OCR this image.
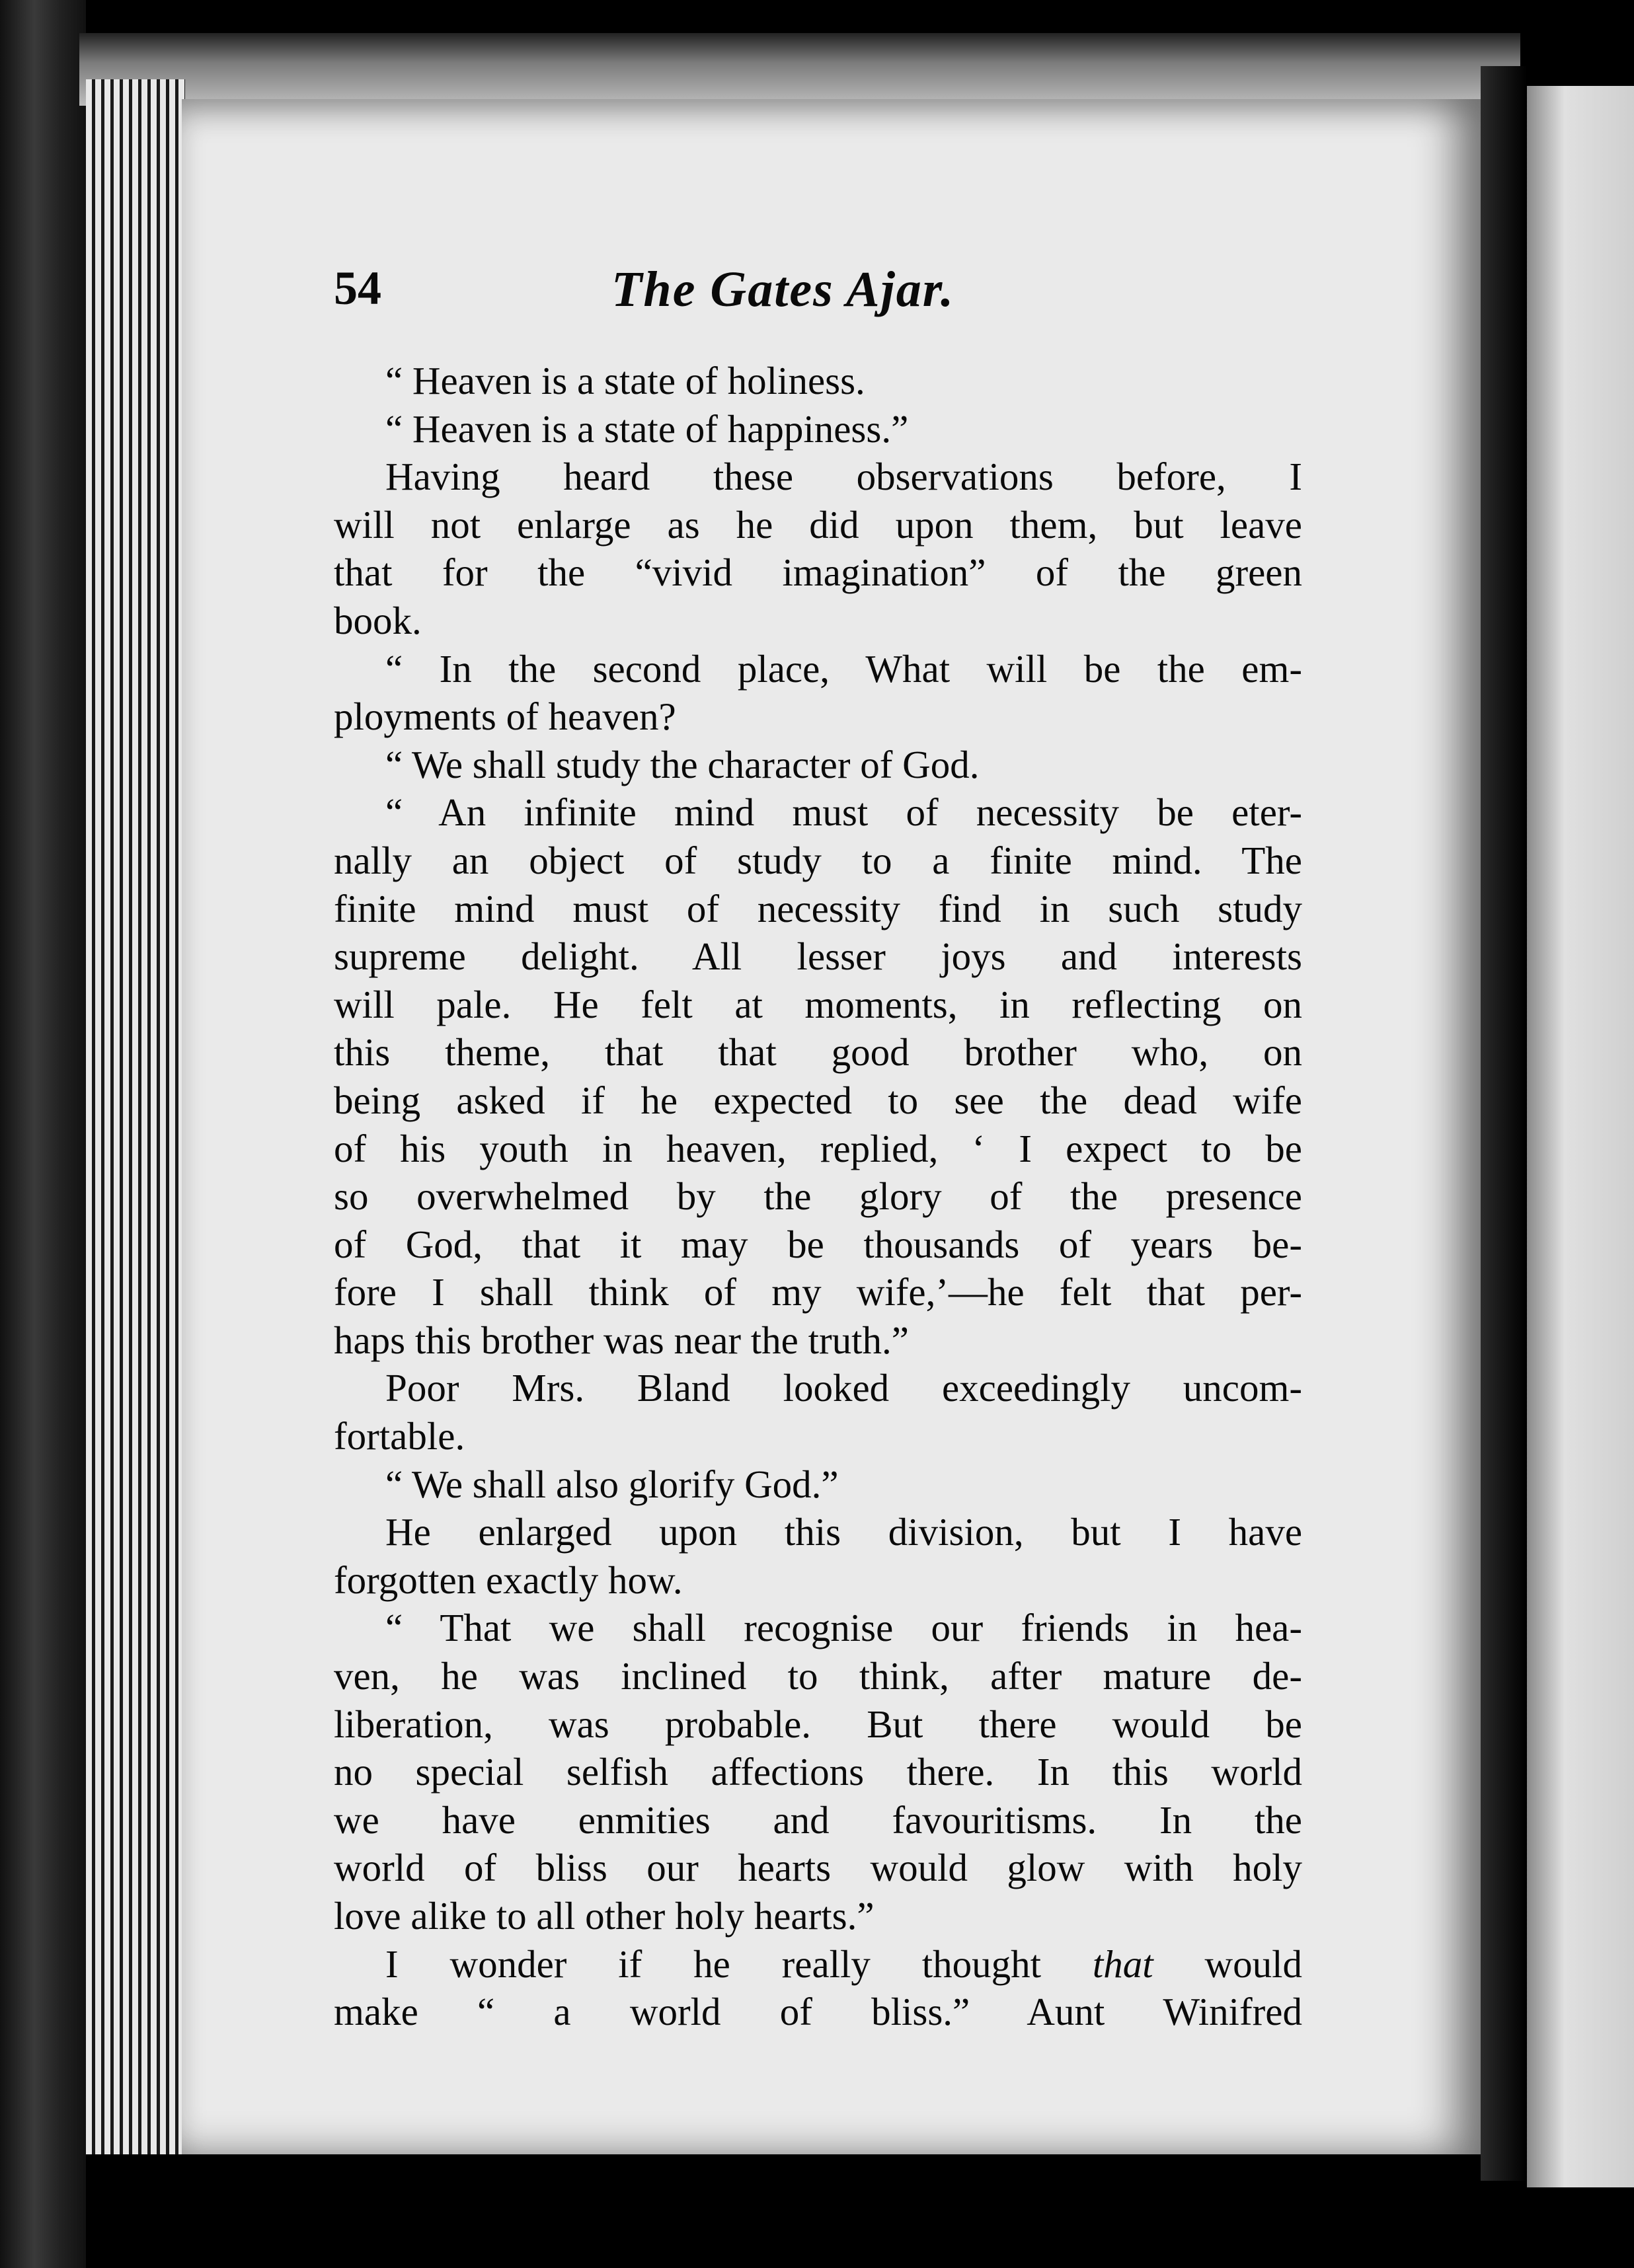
54	The Gates Ajar.
“ Heaven is a state of holiness.
“ Heaven is a state of happiness.”
Having heard these observations before, I
will not enlarge as he did upon them, but leave
that for the “vivid imagination” of the green
book.
“ In the second place, What will be the em-
ployments of heaven?
“ We shall study the character of God.
“ An infinite mind must of necessity be eter-
nally an object of study to a finite mind. The
finite mind must of necessity find in such study
supreme delight. All lesser joys and interests
will pale. He felt at moments, in reflecting on
this theme, that that good brother who, on
being asked if he expected to see the dead wife
of his youth in heaven, replied, ‘ I expect to be
so overwhelmed by the glory of the presence
of God, that it may be thousands of years be-
fore I shall think of my wife,’—he felt that per-
haps this brother was near the truth.”
Poor Mrs. Bland looked exceedingly uncom-
fortable.
“ We shall also glorify God.”
He enlarged upon this division, but I have
forgotten exactly how.
“ That we shall recognise our friends in hea-
ven, he was inclined to think, after mature de-
liberation, was probable. But there would be
no special selfish affections there. In this world
we have enmities and favouritisms. In the
world of bliss our hearts would glow with holy
love alike to all other holy hearts.”
I wonder if he really thought that would
make “ a world of bliss.” Aunt Winifred
